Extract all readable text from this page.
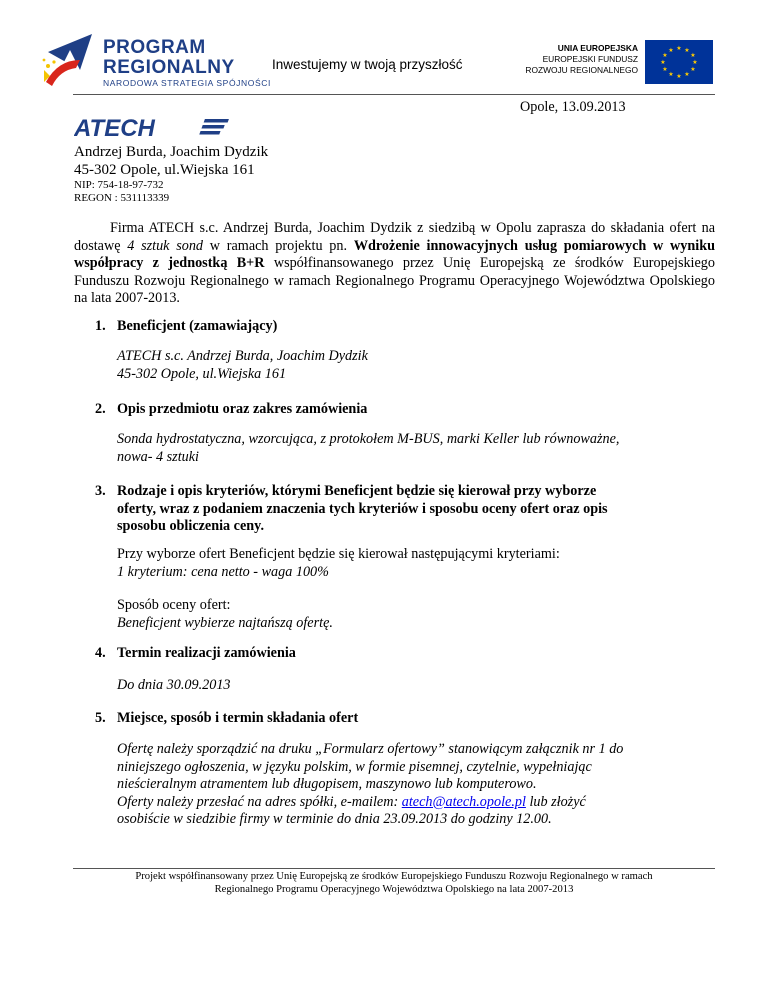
PROGRAM
REGIONALNY
NARODOWA STRATEGIA SPÓJNOŚCI
Inwestujemy w twoją przyszłość
UNIA EUROPEJSKA
EUROPEJSKI FUNDUSZ
ROZWOJU REGIONALNEGO
★ ★
★
★
★
★
★
★
★
★
★
★
Opole, 13.09.2013
ATECH
Andrzej Burda, Joachim Dydzik
45-302 Opole, ul.Wiejska 161
NIP: 754-18-97-732
REGON : 531113339
Firma ATECH s.c. Andrzej Burda, Joachim Dydzik z siedzibą w Opolu zaprasza do składania ofert na dostawę 4 sztuk sond w ramach projektu pn. Wdrożenie innowacyjnych usług pomiarowych w wyniku współpracy z jednostką B+R współfinansowanego przez Unię Europejską ze środków Europejskiego Funduszu Rozwoju Regionalnego w ramach Regionalnego Programu Operacyjnego Województwa Opolskiego na lata 2007-2013.
1. Beneficjent (zamawiający)
ATECH s.c. Andrzej Burda, Joachim Dydzik
45-302 Opole, ul.Wiejska 161
2. Opis przedmiotu oraz zakres zamówienia
Sonda hydrostatyczna, wzorcująca, z protokołem M-BUS, marki Keller lub równoważne,
nowa- 4 sztuki
3. Rodzaje i opis kryteriów, którymi Beneficjent będzie się kierował przy wyborze
oferty, wraz z podaniem znaczenia tych kryteriów i sposobu oceny ofert oraz opis
sposobu obliczenia ceny.
Przy wyborze ofert Beneficjent będzie się kierował następującymi kryteriami:
1 kryterium: cena netto - waga 100%
Sposób oceny ofert:
Beneficjent wybierze najtańszą ofertę.
4. Termin realizacji zamówienia
Do dnia 30.09.2013
5. Miejsce, sposób i termin składania ofert
Ofertę należy sporządzić na druku „Formularz ofertowy” stanowiącym załącznik nr 1 do
niniejszego ogłoszenia, w języku polskim, w formie pisemnej, czytelnie, wypełniając
nieścieralnym atramentem lub długopisem, maszynowo lub komputerowo.
Oferty należy przesłać na adres spółki, e-mailem: atech@atech.opole.pl lub złożyć
osobiście w siedzibie firmy w terminie do dnia 23.09.2013 do godziny 12.00.
Projekt współfinansowany przez Unię Europejską ze środków Europejskiego Funduszu Rozwoju Regionalnego w ramach
Regionalnego Programu Operacyjnego Województwa Opolskiego na lata 2007-2013
